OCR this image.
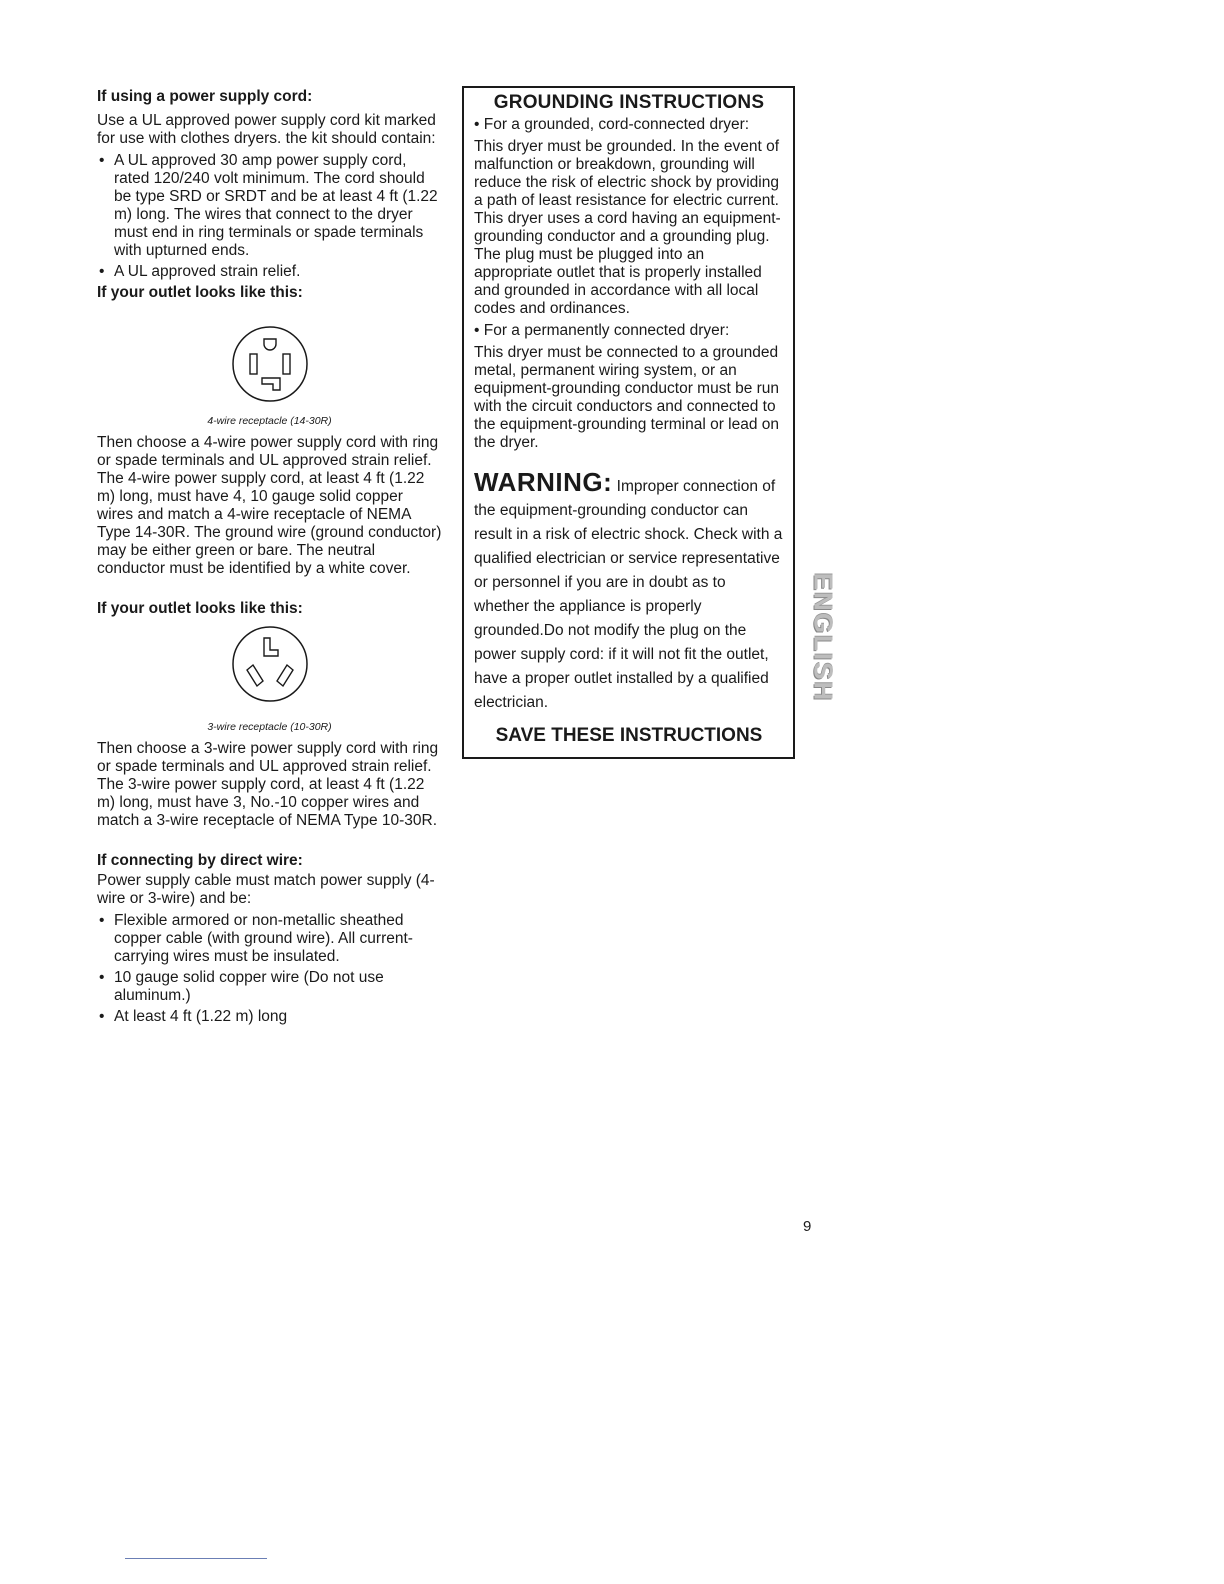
If using a power supply cord:

Use a UL approved power supply cord kit marked for use with clothes dryers. the kit should contain:

• A UL approved 30 amp power supply cord, rated 120/240 volt minimum. The cord should be type SRD or SRDT and be at least 4 ft (1.22 m) long. The wires that connect to the dryer must end in ring terminals or spade terminals with upturned ends.
• A UL approved strain relief.

If your outlet looks like this:

4-wire receptacle (14-30R)

Then choose a 4-wire power supply cord with ring or spade terminals and UL approved strain relief. The 4-wire power supply cord, at least 4 ft (1.22 m) long, must have 4, 10 gauge solid copper wires and match a 4-wire receptacle of NEMA Type 14-30R. The ground wire (ground conductor) may be either green or bare. The neutral conductor must be identified by a white cover.

If your outlet looks like this:

3-wire receptacle (10-30R)

Then choose a 3-wire power supply cord with ring or spade terminals and UL approved strain relief. The 3-wire power supply cord, at least 4 ft (1.22 m) long, must have 3, No.-10 copper wires and match a 3-wire receptacle of NEMA Type 10-30R.

If connecting by direct wire:

Power supply cable must match power supply (4-wire or 3-wire) and be:

• Flexible armored or non-metallic sheathed copper cable (with ground wire). All current-carrying wires must be insulated.
• 10 gauge solid copper wire (Do not use aluminum.)
• At least 4 ft (1.22 m) long
GROUNDING INSTRUCTIONS

• For a grounded, cord-connected dryer:

This dryer must be grounded. In the event of malfunction or breakdown, grounding will reduce the risk of electric shock by providing a path of least resistance for electric current. This dryer uses a cord having an equipment-grounding conductor and a grounding plug. The plug must be plugged into an appropriate outlet that is properly installed and grounded in accordance with all local codes and ordinances.

• For a permanently connected dryer:

This dryer must be connected to a grounded metal, permanent wiring system, or an equipment-grounding conductor must be run with the circuit conductors and connected to the equipment-grounding terminal or lead on the dryer.

WARNING: Improper connection of the equipment-grounding conductor can result in a risk of electric shock. Check with a qualified electrician or service representative or personnel if you are in doubt as to whether the appliance is properly grounded.Do not modify the plug on the power supply cord: if it will not fit the outlet, have a proper outlet installed by a qualified electrician.

SAVE THESE INSTRUCTIONS
ENGLISH
9
